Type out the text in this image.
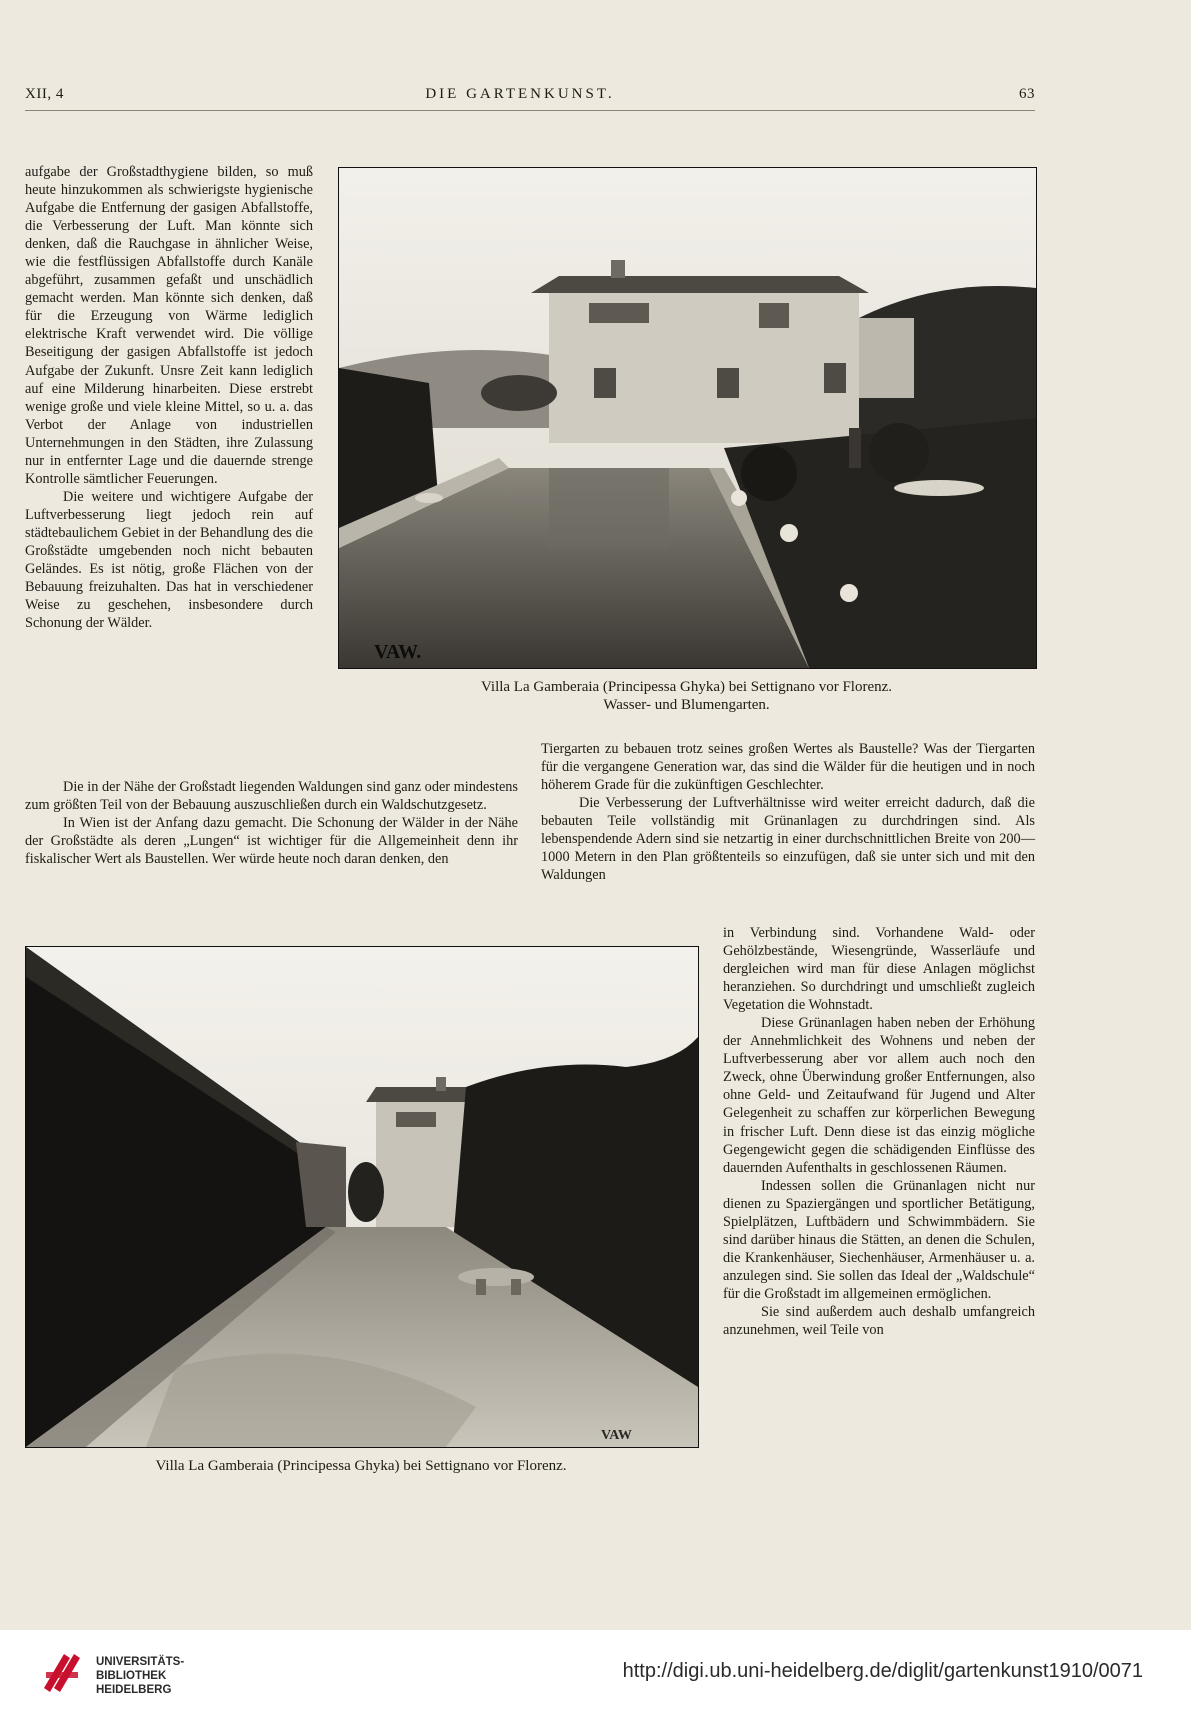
XII, 4	DIE GARTENKUNST.	63

aufgabe der Großstadthygiene bilden, so muß heute hinzukommen als schwierigste hygienische Aufgabe die Entfernung der gasigen Abfallstoffe, die Verbesserung der Luft. Man könnte sich denken, daß die Rauchgase in ähnlicher Weise, wie die festflüssigen Abfallstoffe durch Kanäle abgeführt, zusammen gefaßt und unschädlich gemacht werden. Man könnte sich denken, daß für die Erzeugung von Wärme lediglich elektrische Kraft verwendet wird. Die völlige Beseitigung der gasigen Abfallstoffe ist jedoch Aufgabe der Zukunft. Unsre Zeit kann lediglich auf eine Milderung hinarbeiten. Diese erstrebt wenige große und viele kleine Mittel, so u. a. das Verbot der Anlage von industriellen Unternehmungen in den Städten, ihre Zulassung nur in entfernter Lage und die dauernde strenge Kontrolle sämtlicher Feuerungen.

Die weitere und wichtigere Aufgabe der Luftverbesserung liegt jedoch rein auf städtebaulichem Gebiet in der Behandlung des die Großstädte umgebenden noch nicht bebauten Geländes. Es ist nötig, große Flächen von der Bebauung freizuhalten. Das hat in verschiedener Weise zu geschehen, insbesondere durch Schonung der Wälder.

Die in der Nähe der Großstadt liegenden Waldungen sind ganz oder mindestens zum größten Teil von der Bebauung auszuschließen durch ein Waldschutzgesetz.

In Wien ist der Anfang dazu gemacht. Die Schonung der Wälder in der Nähe der Großstädte als deren „Lungen“ ist wichtiger für die Allgemeinheit denn ihr fiskalischer Wert als Baustellen. Wer würde heute noch daran denken, den

VAW.
Villa La Gamberaia (Principessa Ghyka) bei Settignano vor Florenz.
Wasser- und Blumengarten.

Tiergarten zu bebauen trotz seines großen Wertes als Baustelle? Was der Tiergarten für die vergangene Generation war, das sind die Wälder für die heutigen und in noch höherem Grade für die zukünftigen Geschlechter.

Die Verbesserung der Luftverhältnisse wird weiter erreicht dadurch, daß die bebauten Teile vollständig mit Grünanlagen zu durchdringen sind. Als lebenspendende Adern sind sie netzartig in einer durchschnittlichen Breite von 200—1000 Metern in den Plan größtenteils so einzufügen, daß sie unter sich und mit den Waldungen

in Verbindung sind. Vorhandene Wald- oder Gehölzbestände, Wiesengründe, Wasserläufe und dergleichen wird man für diese Anlagen möglichst heranziehen. So durchdringt und umschließt zugleich Vegetation die Wohnstadt.

Diese Grünanlagen haben neben der Erhöhung der Annehmlichkeit des Wohnens und neben der Luftverbesserung aber vor allem auch noch den Zweck, ohne Überwindung großer Entfernungen, also ohne Geld- und Zeitaufwand für Jugend und Alter Gelegenheit zu schaffen zur körperlichen Bewegung in frischer Luft. Denn diese ist das einzig mögliche Gegengewicht gegen die schädigenden Einflüsse des dauernden Aufenthalts in geschlossenen Räumen.

Indessen sollen die Grünanlagen nicht nur dienen zu Spaziergängen und sportlicher Betätigung, Spielplätzen, Luftbädern und Schwimmbädern. Sie sind darüber hinaus die Stätten, an denen die Schulen, die Krankenhäuser, Siechenhäuser, Armenhäuser u. a. anzulegen sind. Sie sollen das Ideal der „Waldschule“ für die Großstadt im allgemeinen ermöglichen.

Sie sind außerdem auch deshalb umfangreich anzunehmen, weil Teile von

VAW
Villa La Gamberaia (Principessa Ghyka) bei Settignano vor Florenz.
UNIVERSITÄTS-
BIBLIOTHEK
HEIDELBERG
http://digi.ub.uni-heidelberg.de/diglit/gartenkunst1910/0071
